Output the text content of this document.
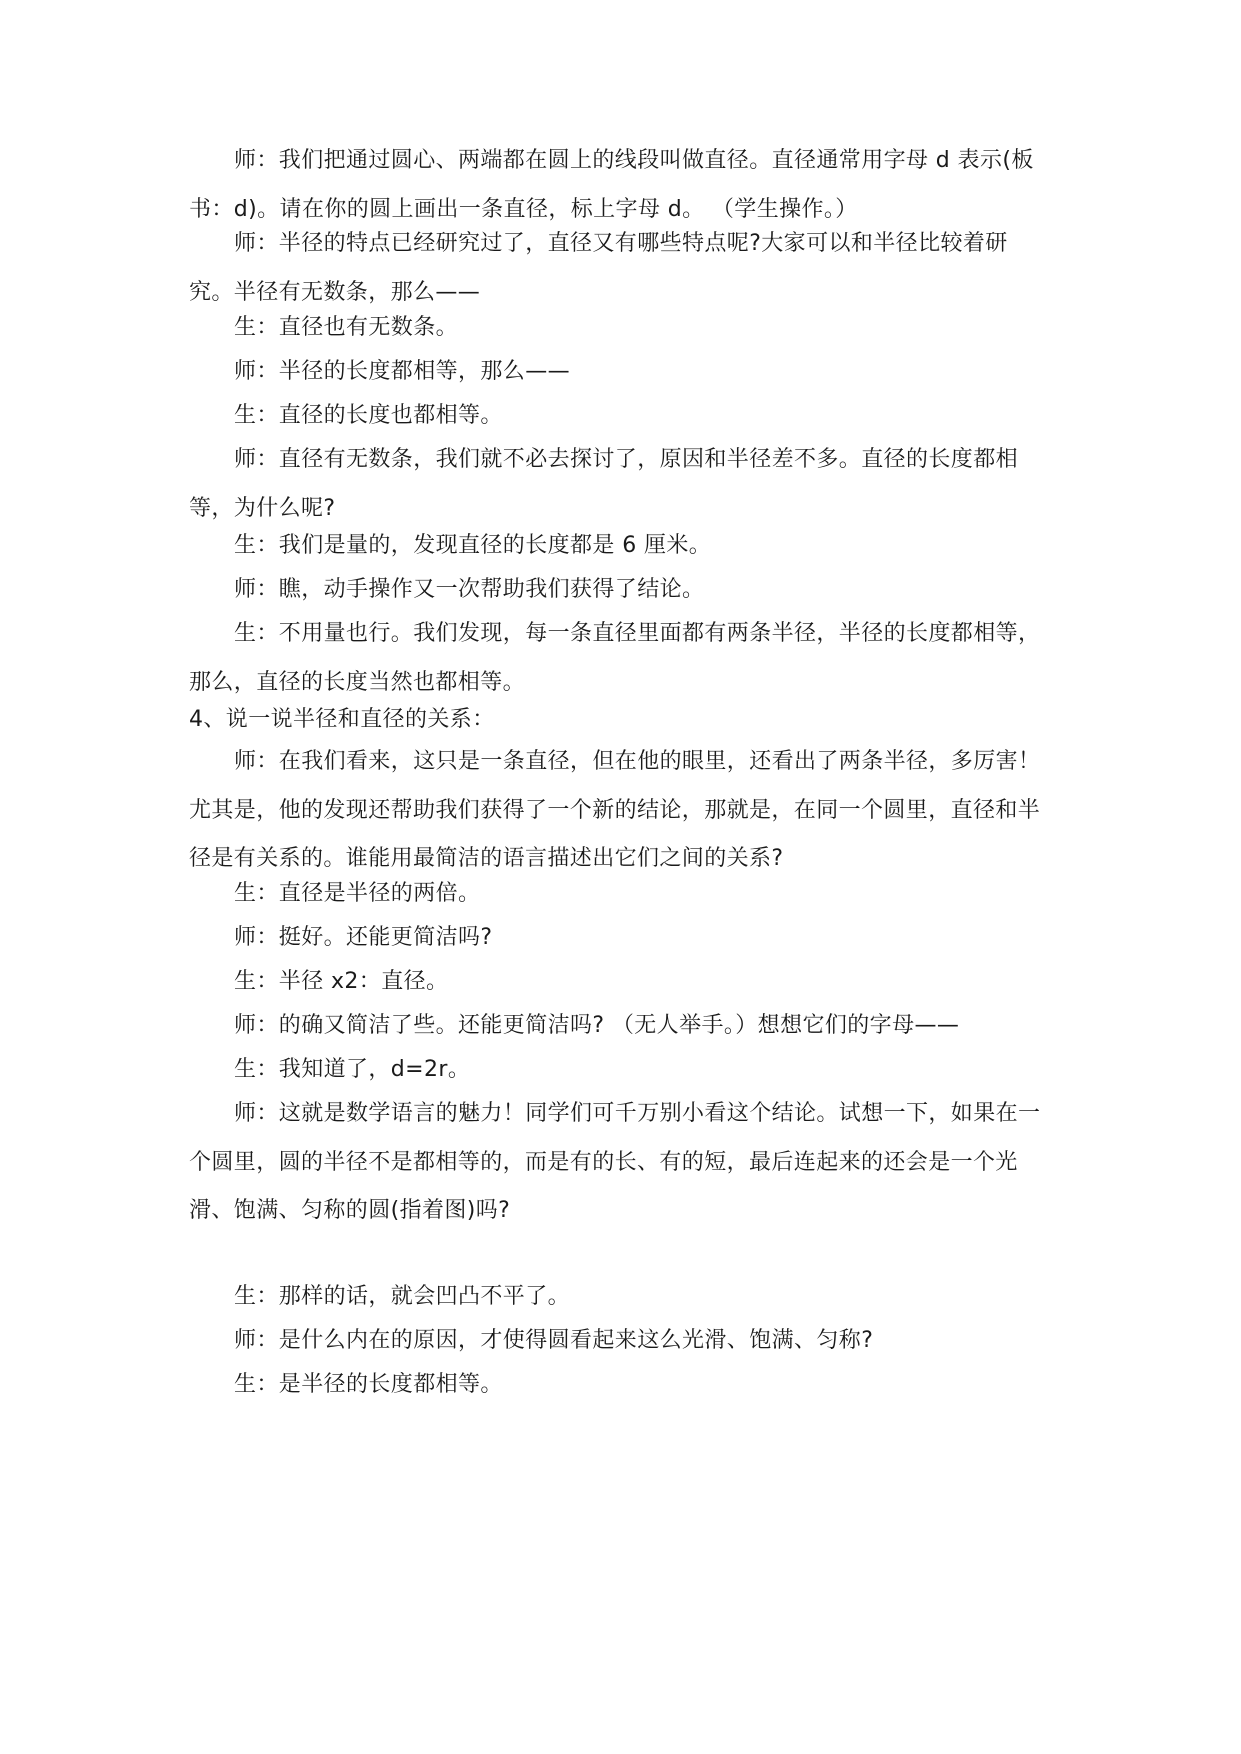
师：我们把通过圆心、两端都在圆上的线段叫做直径。直径通常用字母 d 表示(板书：d)。请在你的圆上画出一条直径，标上字母 d。 （学生操作。）

师：半径的特点已经研究过了，直径又有哪些特点呢?大家可以和半径比较着研究。半径有无数条，那么——

生：直径也有无数条。

师：半径的长度都相等，那么——

生：直径的长度也都相等。

师：直径有无数条，我们就不必去探讨了，原因和半径差不多。直径的长度都相等，为什么呢?

生：我们是量的，发现直径的长度都是 6 厘米。

师：瞧，动手操作又一次帮助我们获得了结论。

生：不用量也行。我们发现，每一条直径里面都有两条半径，半径的长度都相等，那么，直径的长度当然也都相等。

4、说一说半径和直径的关系：

师：在我们看来，这只是一条直径，但在他的眼里，还看出了两条半径，多厉害！尤其是，他的发现还帮助我们获得了一个新的结论，那就是，在同一个圆里，直径和半径是有关系的。谁能用最简洁的语言描述出它们之间的关系?

生：直径是半径的两倍。

师：挺好。还能更简洁吗?

生：半径 x2：直径。

师：的确又简洁了些。还能更简洁吗? （无人举手。）想想它们的字母——

生：我知道了，d=2r。

师：这就是数学语言的魅力！同学们可千万别小看这个结论。试想一下，如果在一个圆里，圆的半径不是都相等的，而是有的长、有的短，最后连起来的还会是一个光滑、饱满、匀称的圆(指着图)吗?

生：那样的话，就会凹凸不平了。

师：是什么内在的原因，才使得圆看起来这么光滑、饱满、匀称?

生：是半径的长度都相等。
